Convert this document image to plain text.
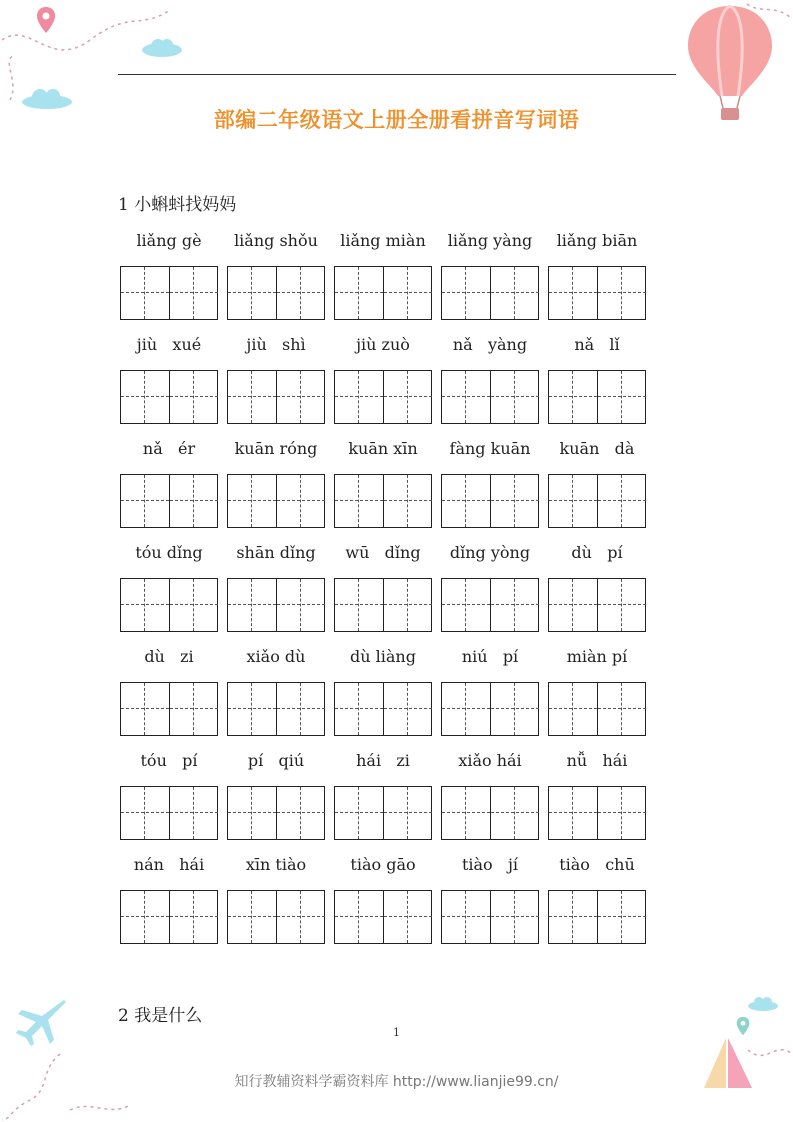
部编二年级语文上册全册看拼音写词语
1 小蝌蚪找妈妈
liǎng gè	liǎng shǒu	liǎng miàn	liǎng yàng	liǎng biān
jiù   xué	jiù   shì	jiù zuò	nǎ   yàng	nǎ   lǐ
nǎ   ér	kuān róng	kuān xīn	fàng kuān	kuān   dà
tóu dǐng	shān dǐng	wū   dǐng	dǐng yòng	dù   pí
dù   zi	xiǎo dù	dù liàng	niú   pí	miàn pí
tóu   pí	pí   qiú	hái   zi	xiǎo hái	nǚ   hái
nán   hái	xīn tiào	tiào gāo	tiào   jí	tiào   chū
2 我是什么
1
知行教辅资料学霸资料库 http://www.lianjie99.cn/
